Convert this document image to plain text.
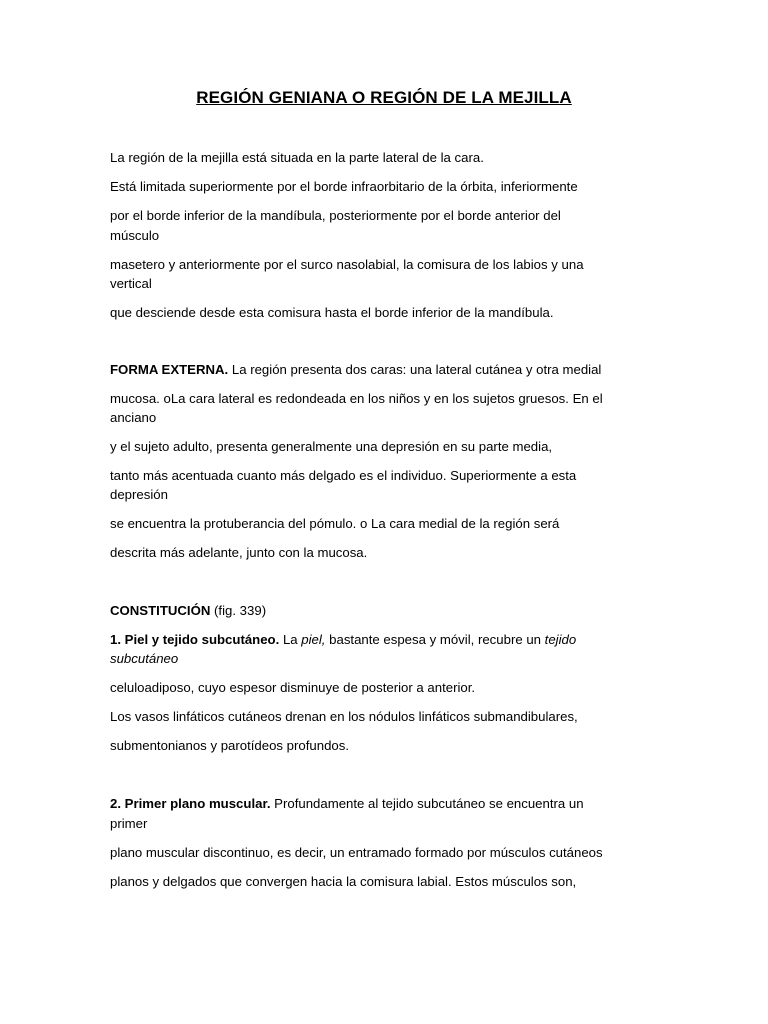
REGIÓN GENIANA O REGIÓN DE LA MEJILLA
La región de la mejilla está situada en la parte lateral de la cara.
Está limitada superiormente por el borde infraorbitario de la órbita, inferiormente
por el borde inferior de la mandíbula, posteriormente por el borde anterior del
músculo
masetero y anteriormente por el surco nasolabial, la comisura de los labios y una
vertical
que desciende desde esta comisura hasta el borde inferior de la mandíbula.
FORMA EXTERNA. La región presenta dos caras: una lateral cutánea y otra medial
mucosa. oLa cara lateral es redondeada en los niños y en los sujetos gruesos. En el
anciano
y el sujeto adulto, presenta generalmente una depresión en su parte media,
tanto más acentuada cuanto más delgado es el individuo. Superiormente a esta
depresión
se encuentra la protuberancia del pómulo. o La cara medial de la región será
descrita más adelante, junto con la mucosa.
CONSTITUCIÓN (fig. 339)
1. Piel y tejido subcutáneo. La piel, bastante espesa y móvil, recubre un tejido
subcutáneo
celuloadiposo, cuyo espesor disminuye de posterior a anterior.
Los vasos linfáticos cutáneos drenan en los nódulos linfáticos submandibulares,
submentonianos y parotídeos profundos.
2. Primer plano muscular. Profundamente al tejido subcutáneo se encuentra un
primer
plano muscular discontinuo, es decir, un entramado formado por músculos cutáneos
planos y delgados que convergen hacia la comisura labial. Estos músculos son,
